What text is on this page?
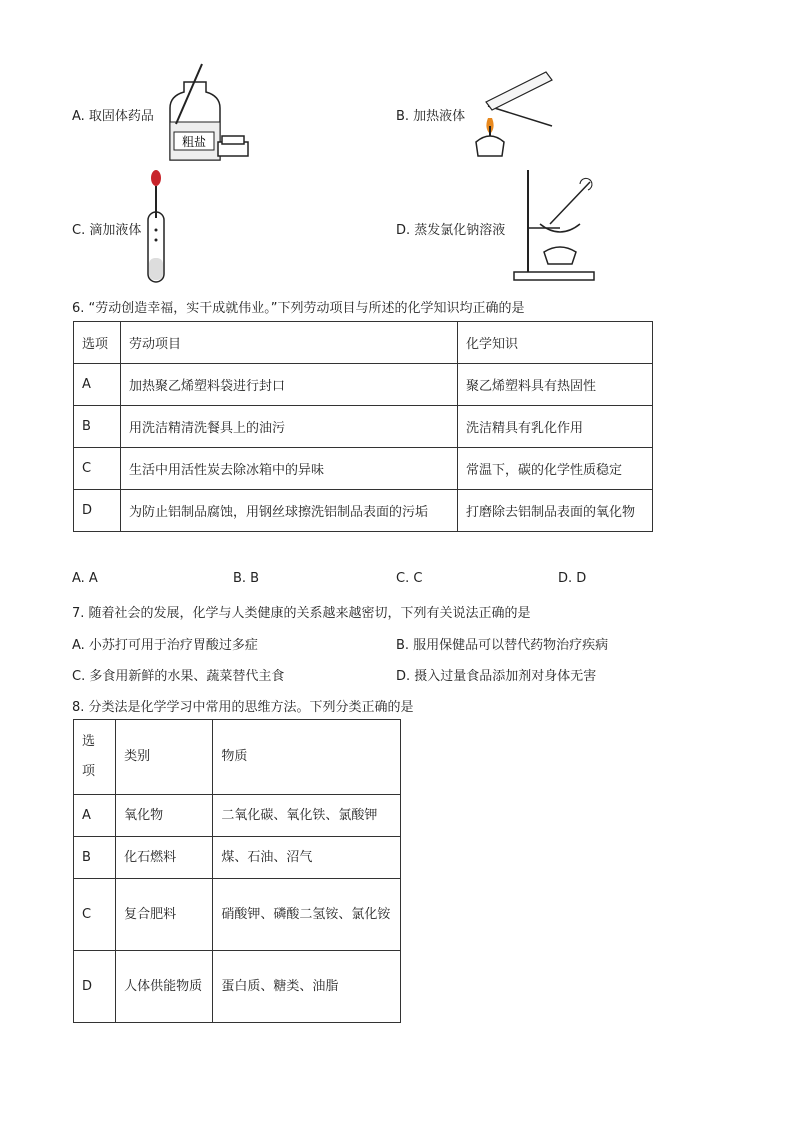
A. 取固体药品
粗盐
B. 加热液体
C. 滴加液体	D. 蒸发氯化钠溶液
6. “劳动创造幸福，实干成就伟业。”下列劳动项目与所述的化学知识均正确的是
选项	劳动项目	化学知识
A	加热聚乙烯塑料袋进行封口	聚乙烯塑料具有热固性
B	用洗洁精清洗餐具上的油污	洗洁精具有乳化作用
C	生活中用活性炭去除冰箱中的异味	常温下，碳的化学性质稳定
D	为防止铝制品腐蚀，用钢丝球擦洗铝制品表面的污垢	打磨除去铝制品表面的氧化物
A. A	B. B	C. C	D. D
7. 随着社会的发展，化学与人类健康的关系越来越密切，下列有关说法正确的是
A. 小苏打可用于治疗胃酸过多症	B. 服用保健品可以替代药物治疗疾病
C. 多食用新鲜的水果、蔬菜替代主食	D. 摄入过量食品添加剂对身体无害
8. 分类法是化学学习中常用的思维方法。下列分类正确的是
选项	类别	物质
A	氧化物	二氧化碳、氧化铁、氯酸钾
B	化石燃料	煤、石油、沼气
C	复合肥料	硝酸钾、磷酸二氢铵、氯化铵
D	人体供能物质	蛋白质、糖类、油脂
